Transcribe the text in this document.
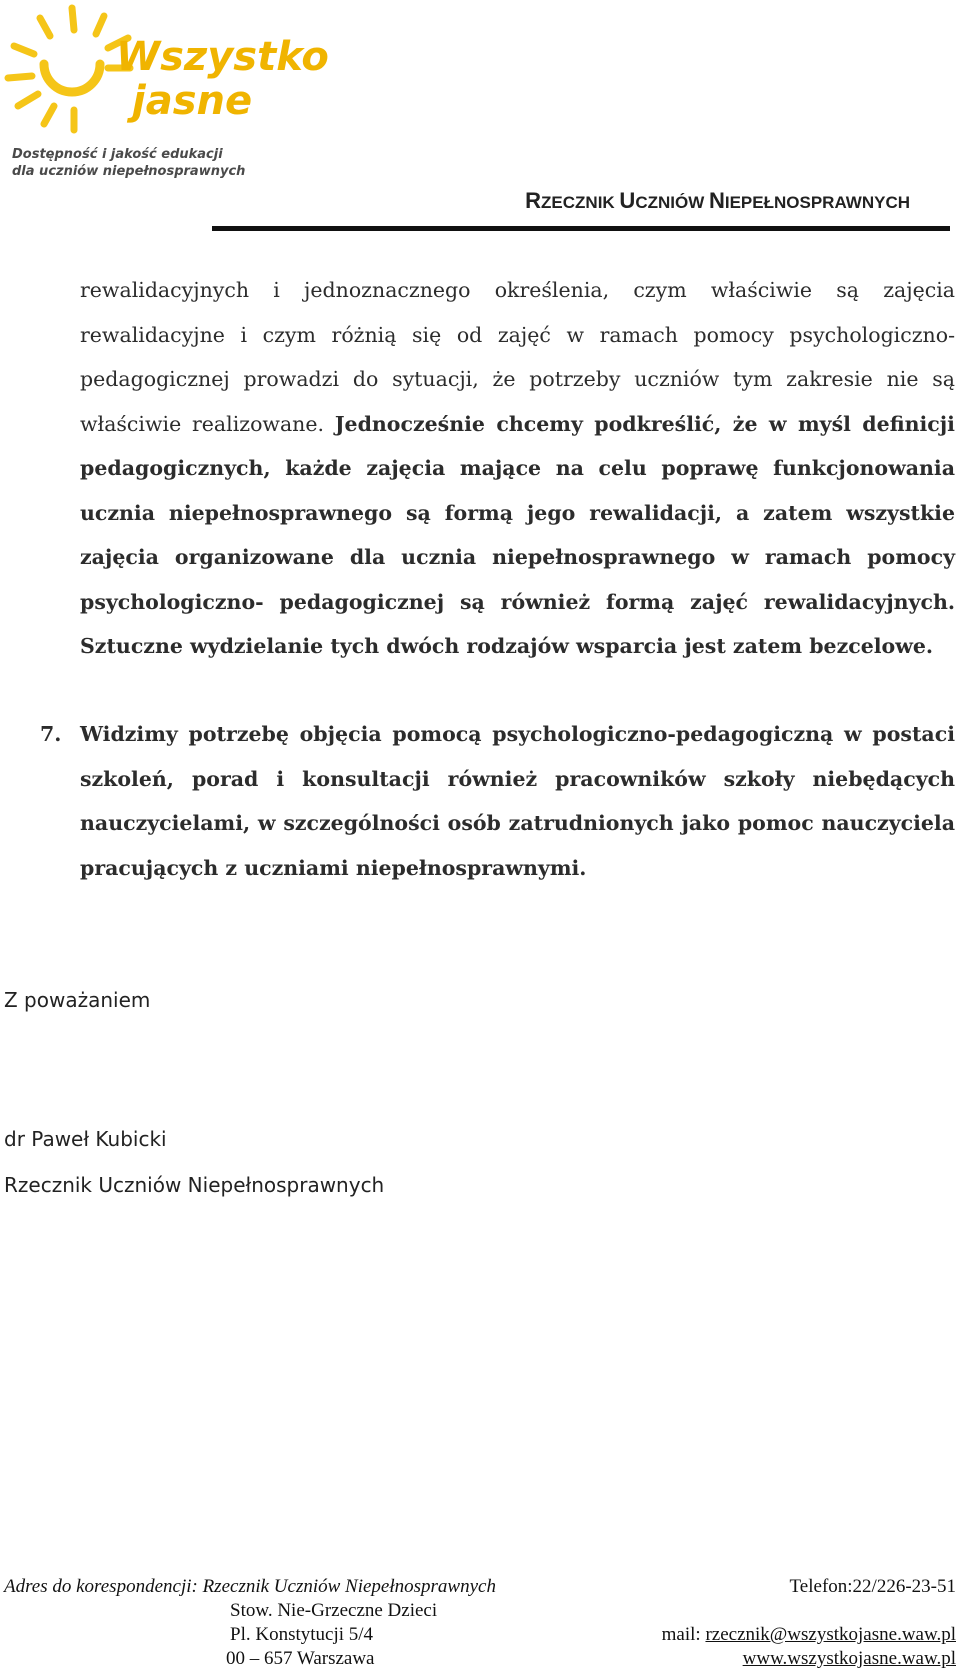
Wszystko
jasne
Dostępność i jakość edukacji
dla uczniów niepełnosprawnych
RZECZNIK UCZNIÓW NIEPEŁNOSPRAWNYCH
rewalidacyjnych i jednoznacznego określenia, czym właściwie są zajęcia rewalidacyjne i czym różnią się od zajęć w ramach pomocy psychologiczno-pedagogicznej prowadzi do sytuacji, że potrzeby uczniów tym zakresie nie są właściwie realizowane. Jednocześnie chcemy podkreślić, że w myśl definicji pedagogicznych, każde zajęcia mające na celu poprawę funkcjonowania ucznia niepełnosprawnego są formą jego rewalidacji, a zatem wszystkie zajęcia organizowane dla ucznia niepełnosprawnego w ramach pomocy psychologiczno- pedagogicznej są również formą zajęć rewalidacyjnych. Sztuczne wydzielanie tych dwóch rodzajów wsparcia jest zatem bezcelowe.
7. Widzimy potrzebę objęcia pomocą psychologiczno-pedagogiczną w postaci szkoleń, porad i konsultacji również pracowników szkoły niebędących nauczycielami, w szczególności osób zatrudnionych jako pomoc nauczyciela pracujących z uczniami niepełnosprawnymi.
Z poważaniem
dr Paweł Kubicki
Rzecznik Uczniów Niepełnosprawnych
Adres do korespondencji: Rzecznik Uczniów Niepełnosprawnych
Stow. Nie-Grzeczne Dzieci
Pl. Konstytucji 5/4
00 – 657 Warszawa
Telefon:22/226-23-51
mail: rzecznik@wszystkojasne.waw.pl
www.wszystkojasne.waw.pl
